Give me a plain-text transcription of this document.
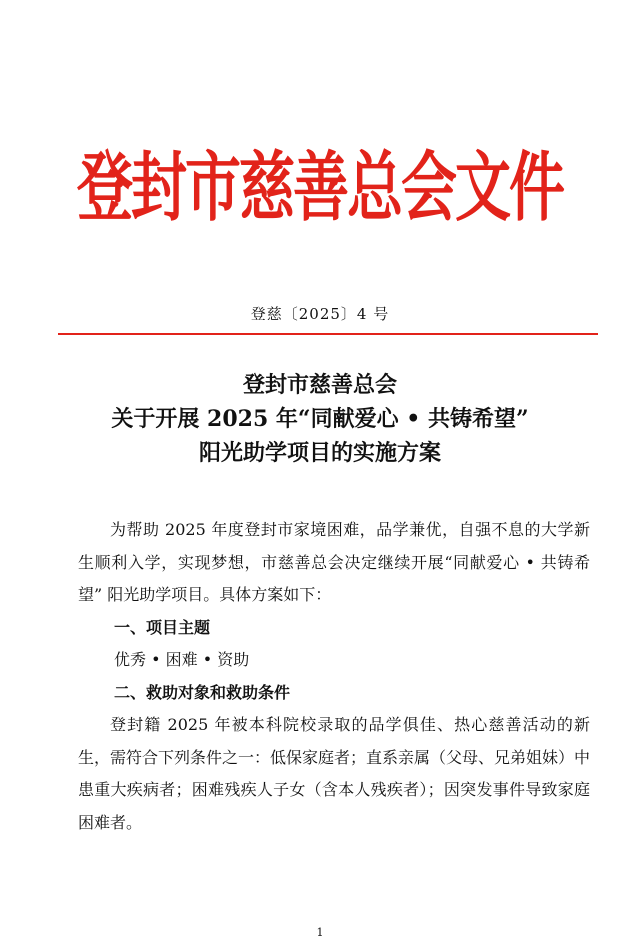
登封市慈善总会文件
登慈〔2025〕4 号
登封市慈善总会
关于开展 2025 年“同献爱心 • 共铸希望”
阳光助学项目的实施方案

为帮助 2025 年度登封市家境困难，品学兼优，自强不息的大学新生顺利入学，实现梦想，市慈善总会决定继续开展“同献爱心 • 共铸希望” 阳光助学项目。具体方案如下：

一、项目主题

优秀 • 困难 • 资助

二、救助对象和救助条件

登封籍 2025 年被本科院校录取的品学俱佳、热心慈善活动的新生，需符合下列条件之一：低保家庭者；直系亲属（父母、兄弟姐妹）中患重大疾病者；困难残疾人子女（含本人残疾者）；因突发事件导致家庭困难者。

1
